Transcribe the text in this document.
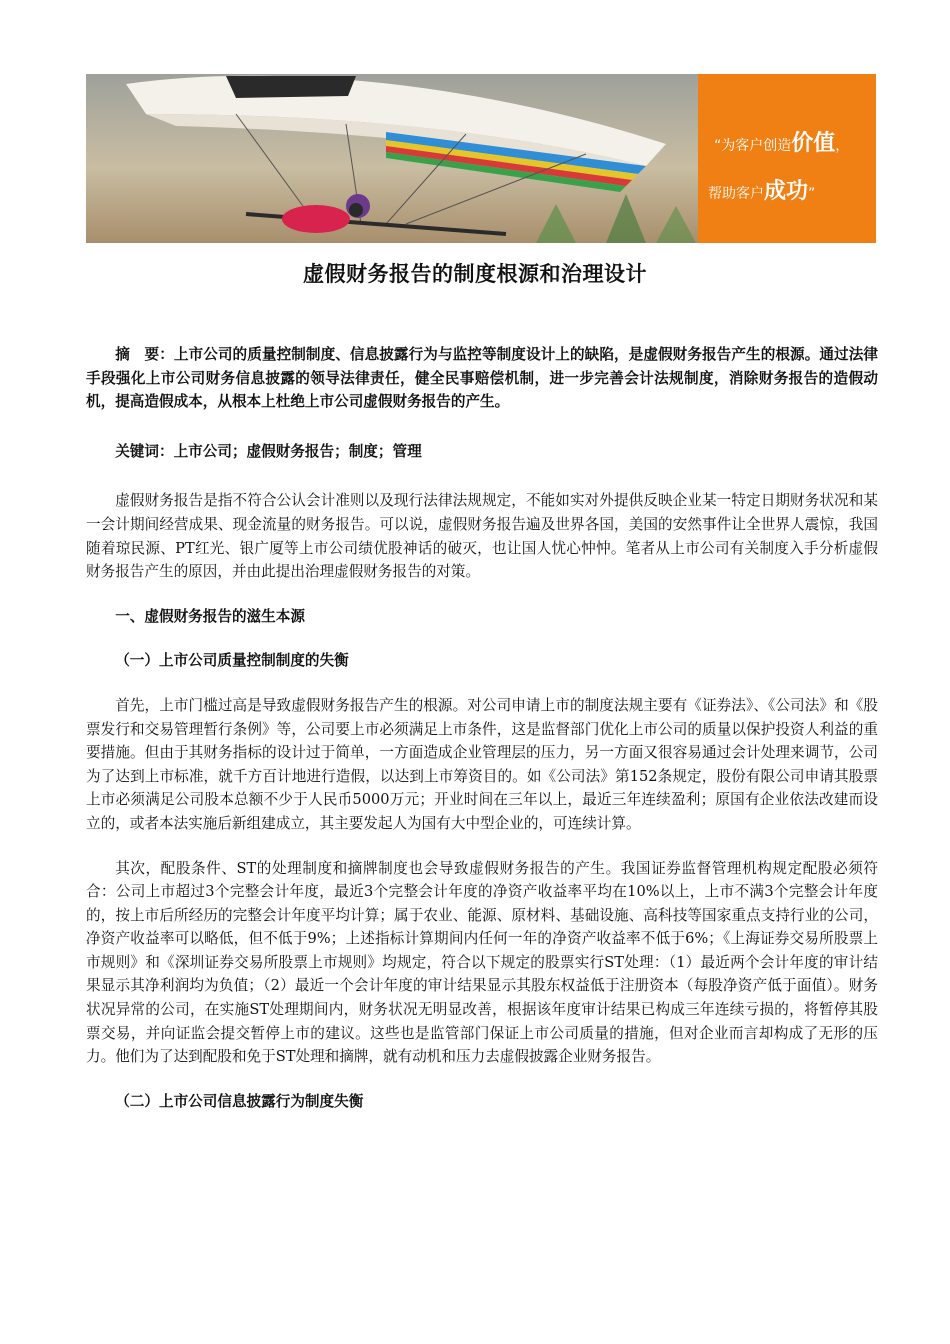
“为客户创造价值，
帮助客户成功”
虚假财务报告的制度根源和治理设计

摘　要：上市公司的质量控制制度、信息披露行为与监控等制度设计上的缺陷，是虚假财务报告产生的根源。通过法律手段强化上市公司财务信息披露的领导法律责任，健全民事赔偿机制，进一步完善会计法规制度，消除财务报告的造假动机，提高造假成本，从根本上杜绝上市公司虚假财务报告的产生。

关键词：上市公司；虚假财务报告；制度；管理

虚假财务报告是指不符合公认会计准则以及现行法律法规规定，不能如实对外提供反映企业某一特定日期财务状况和某一会计期间经营成果、现金流量的财务报告。可以说，虚假财务报告遍及世界各国，美国的安然事件让全世界人震惊，我国随着琼民源、PT红光、银广厦等上市公司绩优股神话的破灭，也让国人忧心忡忡。笔者从上市公司有关制度入手分析虚假财务报告产生的原因，并由此提出治理虚假财务报告的对策。

一、虚假财务报告的滋生本源

（一）上市公司质量控制制度的失衡

首先，上市门槛过高是导致虚假财务报告产生的根源。对公司申请上市的制度法规主要有《证券法》、《公司法》和《股票发行和交易管理暂行条例》等，公司要上市必须满足上市条件，这是监督部门优化上市公司的质量以保护投资人利益的重要措施。但由于其财务指标的设计过于简单，一方面造成企业管理层的压力，另一方面又很容易通过会计处理来调节，公司为了达到上市标准，就千方百计地进行造假，以达到上市筹资目的。如《公司法》第152条规定，股份有限公司申请其股票上市必须满足公司股本总额不少于人民币5000万元；开业时间在三年以上，最近三年连续盈利；原国有企业依法改建而设立的，或者本法实施后新组建成立，其主要发起人为国有大中型企业的，可连续计算。

其次，配股条件、ST的处理制度和摘牌制度也会导致虚假财务报告的产生。我国证券监督管理机构规定配股必须符合：公司上市超过3个完整会计年度，最近3个完整会计年度的净资产收益率平均在10%以上，上市不满3个完整会计年度的，按上市后所经历的完整会计年度平均计算；属于农业、能源、原材料、基础设施、高科技等国家重点支持行业的公司，净资产收益率可以略低，但不低于9%；上述指标计算期间内任何一年的净资产收益率不低于6%；《上海证券交易所股票上市规则》和《深圳证券交易所股票上市规则》均规定，符合以下规定的股票实行ST处理：（1）最近两个会计年度的审计结果显示其净利润均为负值；（2）最近一个会计年度的审计结果显示其股东权益低于注册资本（每股净资产低于面值）。财务状况异常的公司，在实施ST处理期间内，财务状况无明显改善，根据该年度审计结果已构成三年连续亏损的，将暂停其股票交易，并向证监会提交暂停上市的建议。这些也是监管部门保证上市公司质量的措施，但对企业而言却构成了无形的压力。他们为了达到配股和免于ST处理和摘牌，就有动机和压力去虚假披露企业财务报告。

（二）上市公司信息披露行为制度失衡
